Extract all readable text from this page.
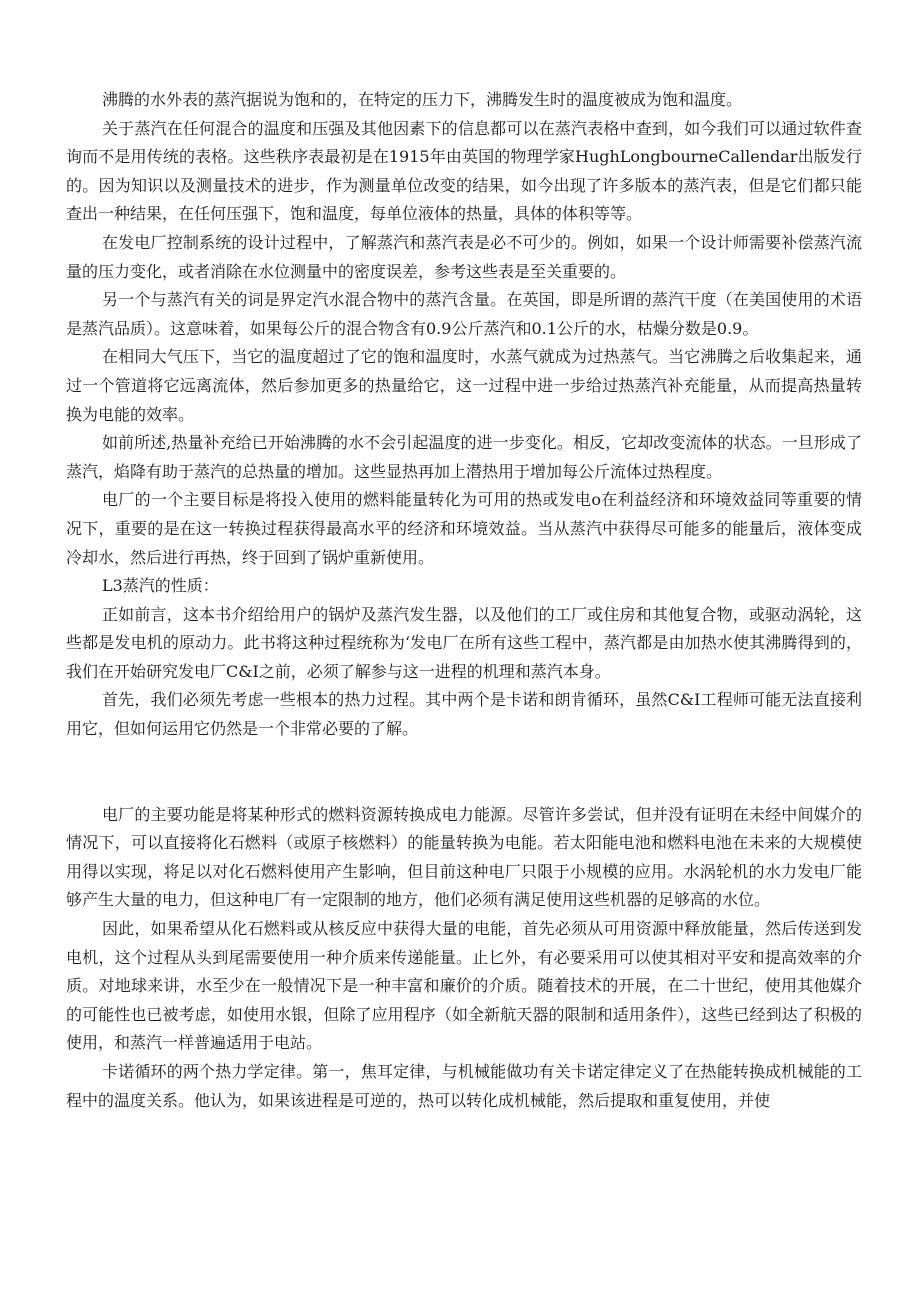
沸腾的水外表的蒸汽据说为饱和的，在特定的压力下，沸腾发生时的温度被成为饱和温度。

关于蒸汽在任何混合的温度和压强及其他因素下的信息都可以在蒸汽表格中查到，如今我们可以通过软件查询而不是用传统的表格。这些秩序表最初是在1915年由英国的物理学家HughLongbourneCallendar出版发行的。因为知识以及测量技术的进步，作为测量单位改变的结果，如今出现了许多版本的蒸汽表，但是它们都只能查出一种结果，在任何压强下，饱和温度，每单位液体的热量，具体的体积等等。

在发电厂控制系统的设计过程中，了解蒸汽和蒸汽表是必不可少的。例如，如果一个设计师需要补偿蒸汽流量的压力变化，或者消除在水位测量中的密度误差，参考这些表是至关重要的。

另一个与蒸汽有关的词是界定汽水混合物中的蒸汽含量。在英国，即是所谓的蒸汽干度（在美国使用的术语是蒸汽品质）。这意味着，如果每公斤的混合物含有0.9公斤蒸汽和0.1公斤的水，枯燥分数是0.9。

在相同大气压下，当它的温度超过了它的饱和温度时，水蒸气就成为过热蒸气。当它沸腾之后收集起来，通过一个管道将它远离流体，然后参加更多的热量给它，这一过程中进一步给过热蒸汽补充能量，从而提高热量转换为电能的效率。

如前所述,热量补充给已开始沸腾的水不会引起温度的进一步变化。相反，它却改变流体的状态。一旦形成了蒸汽，焰降有助于蒸汽的总热量的增加。这些显热再加上潜热用于增加每公斤流体过热程度。

电厂的一个主要目标是将投入使用的燃料能量转化为可用的热或发电o在利益经济和环境效益同等重要的情况下，重要的是在这一转换过程获得最高水平的经济和环境效益。当从蒸汽中获得尽可能多的能量后，液体变成冷却水，然后进行再热，终于回到了锅炉重新使用。

L3蒸汽的性质：

正如前言，这本书介绍给用户的锅炉及蒸汽发生器，以及他们的工厂或住房和其他复合物，或驱动涡轮，这些都是发电机的原动力。此书将这种过程统称为‘发电厂在所有这些工程中，蒸汽都是由加热水使其沸腾得到的，我们在开始研究发电厂C&I之前，必须了解参与这一进程的机理和蒸汽本身。

首先，我们必须先考虑一些根本的热力过程。其中两个是卡诺和朗肯循环，虽然C&I工程师可能无法直接利用它，但如何运用它仍然是一个非常必要的了解。

电厂的主要功能是将某种形式的燃料资源转换成电力能源。尽管许多尝试，但并没有证明在未经中间媒介的情况下，可以直接将化石燃料（或原子核燃料）的能量转换为电能。若太阳能电池和燃料电池在未来的大规模使用得以实现，将足以对化石燃料使用产生影响，但目前这种电厂只限于小规模的应用。水涡轮机的水力发电厂能够产生大量的电力，但这种电厂有一定限制的地方，他们必须有满足使用这些机器的足够高的水位。

因此，如果希望从化石燃料或从核反应中获得大量的电能，首先必须从可用资源中释放能量，然后传送到发电机，这个过程从头到尾需要使用一种介质来传递能量。止匕外，有必要采用可以使其相对平安和提高效率的介质。对地球来讲，水至少在一般情况下是一种丰富和廉价的介质。随着技术的开展，在二十世纪，使用其他媒介的可能性也已被考虑，如使用水银，但除了应用程序（如全新航天器的限制和适用条件），这些已经到达了积极的使用，和蒸汽一样普遍适用于电站。

卡诺循环的两个热力学定律。第一，焦耳定律，与机械能做功有关卡诺定律定义了在热能转换成机械能的工程中的温度关系。他认为，如果该进程是可逆的，热可以转化成机械能，然后提取和重复使用，并使
